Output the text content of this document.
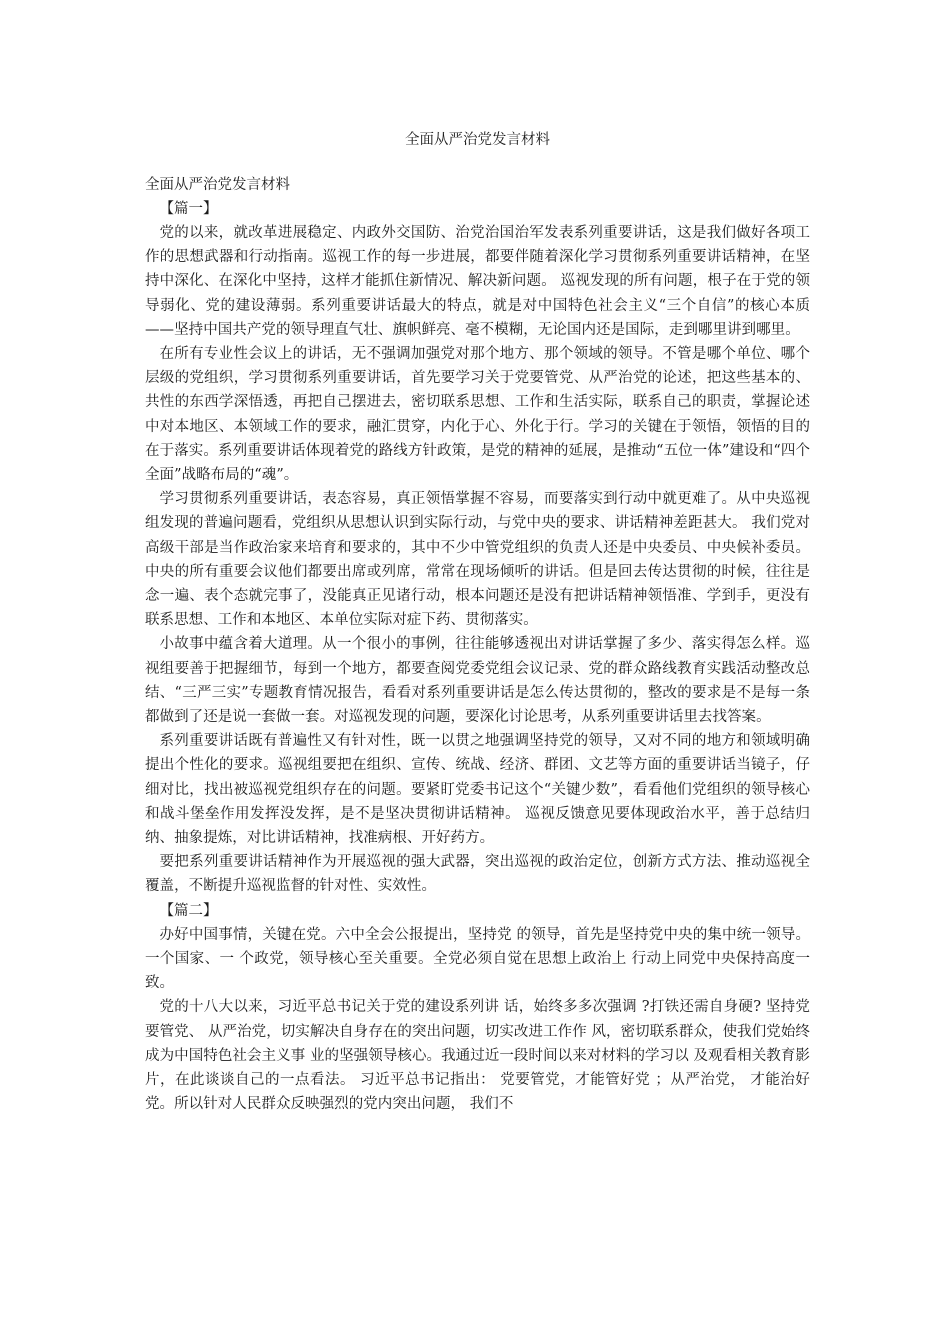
全面从严治党发言材料

全面从严治党发言材料

【篇一】

党的以来，就改革进展稳定、内政外交国防、治党治国治军发表系列重要讲话，这是我们做好各项工作的思想武器和行动指南。巡视工作的每一步进展，都要伴随着深化学习贯彻系列重要讲话精神，在坚持中深化、在深化中坚持，这样才能抓住新情况、解决新问题。 巡视发现的所有问题，根子在于党的领导弱化、党的建设薄弱。系列重要讲话最大的特点，就是对中国特色社会主义“三个自信”的核心本质——坚持中国共产党的领导理直气壮、旗帜鲜亮、毫不模糊，无论国内还是国际，走到哪里讲到哪里。

在所有专业性会议上的讲话，无不强调加强党对那个地方、那个领域的领导。不管是哪个单位、哪个层级的党组织，学习贯彻系列重要讲话，首先要学习关于党要管党、从严治党的论述，把这些基本的、共性的东西学深悟透，再把自己摆进去，密切联系思想、工作和生活实际，联系自己的职责，掌握论述中对本地区、本领域工作的要求，融汇贯穿，内化于心、外化于行。学习的关键在于领悟，领悟的目的在于落实。系列重要讲话体现着党的路线方针政策，是党的精神的延展，是推动“五位一体”建设和“四个全面”战略布局的“魂”。

学习贯彻系列重要讲话，表态容易，真正领悟掌握不容易，而要落实到行动中就更难了。从中央巡视组发现的普遍问题看，党组织从思想认识到实际行动，与党中央的要求、讲话精神差距甚大。 我们党对高级干部是当作政治家来培育和要求的，其中不少中管党组织的负责人还是中央委员、中央候补委员。中央的所有重要会议他们都要出席或列席，常常在现场倾听的讲话。但是回去传达贯彻的时候，往往是念一遍、表个态就完事了，没能真正见诸行动，根本问题还是没有把讲话精神领悟准、学到手，更没有联系思想、工作和本地区、本单位实际对症下药、贯彻落实。

小故事中蕴含着大道理。从一个很小的事例，往往能够透视出对讲话掌握了多少、落实得怎么样。巡视组要善于把握细节，每到一个地方，都要查阅党委党组会议记录、党的群众路线教育实践活动整改总结、“三严三实”专题教育情况报告，看看对系列重要讲话是怎么传达贯彻的，整改的要求是不是每一条都做到了还是说一套做一套。对巡视发现的问题，要深化讨论思考，从系列重要讲话里去找答案。

系列重要讲话既有普遍性又有针对性，既一以贯之地强调坚持党的领导，又对不同的地方和领域明确提出个性化的要求。巡视组要把在组织、宣传、统战、经济、群团、文艺等方面的重要讲话当镜子，仔细对比，找出被巡视党组织存在的问题。要紧盯党委书记这个“关键少数”，看看他们党组织的领导核心和战斗堡垒作用发挥没发挥，是不是坚决贯彻讲话精神。 巡视反馈意见要体现政治水平，善于总结归纳、抽象提炼，对比讲话精神，找准病根、开好药方。

要把系列重要讲话精神作为开展巡视的强大武器，突出巡视的政治定位，创新方式方法、推动巡视全覆盖，不断提升巡视监督的针对性、实效性。

【篇二】

办好中国事情，关键在党。六中全会公报提出，坚持党 的领导，首先是坚持党中央的集中统一领导。一个国家、一 个政党，领导核心至关重要。全党必须自觉在思想上政治上 行动上同党中央保持高度一致。

党的十八大以来，习近平总书记关于党的建设系列讲 话，始终多多次强调 ?打铁还需自身硬? 坚持党要管党、 从严治党，切实解决自身存在的突出问题，切实改进工作作 风，密切联系群众，使我们党始终成为中国特色社会主义事 业的坚强领导核心。我通过近一段时间以来对材料的学习以 及观看相关教育影片，在此谈谈自己的一点看法。 习近平总书记指出： 党要管党，才能管好党 ；从严治党， 才能治好党。所以针对人民群众反映强烈的党内突出问题， 我们不
